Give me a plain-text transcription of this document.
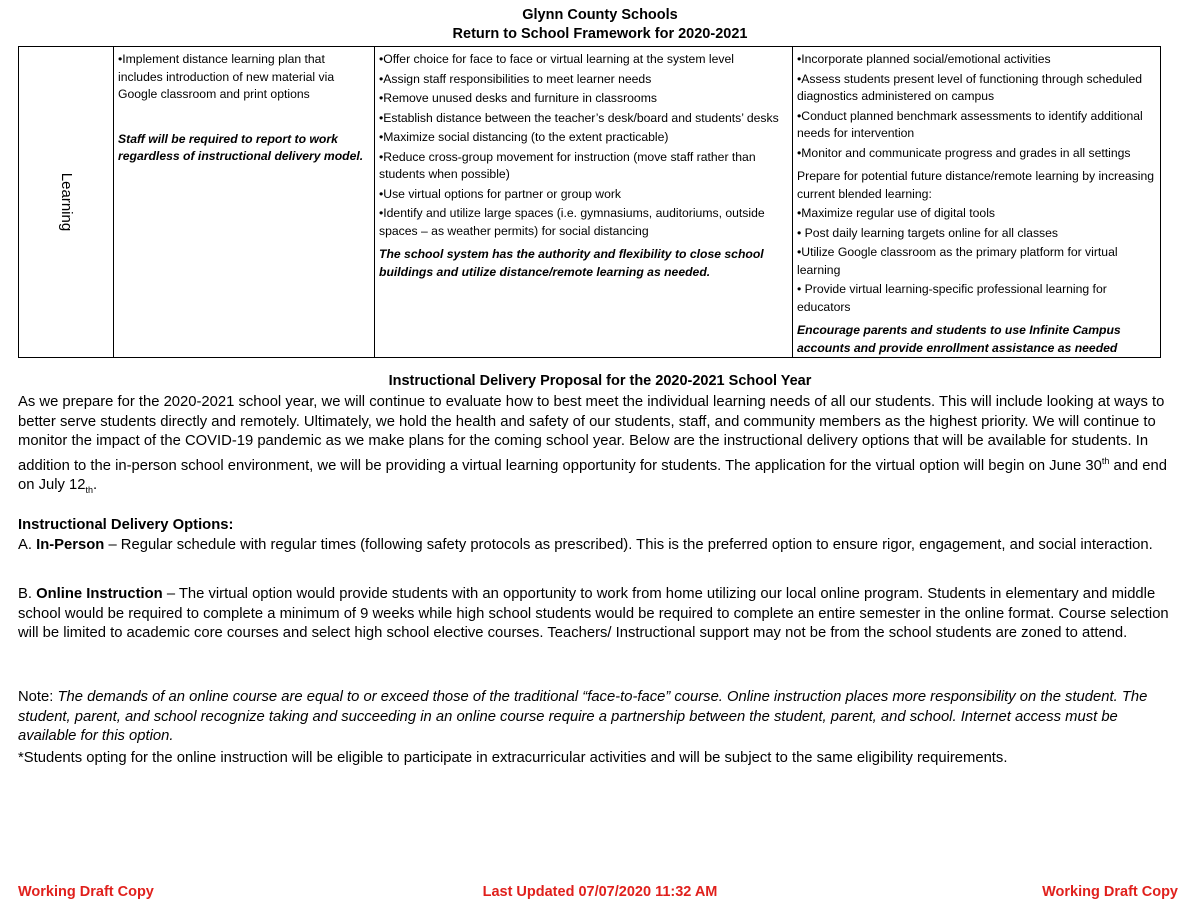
Glynn County Schools
Return to School Framework for 2020-2021
Learning

•Implement distance learning plan that includes introduction of new material via Google classroom and print options
Staff will be required to report to work regardless of instructional delivery model.

•Offer choice for face to face or virtual learning at the system level
•Assign staff responsibilities to meet learner needs
•Remove unused desks and furniture in classrooms
•Establish distance between the teacher’s desk/board and students’ desks
•Maximize social distancing (to the extent practicable)
•Reduce cross-group movement for instruction (move staff rather than students when possible)
•Use virtual options for partner or group work
•Identify and utilize large spaces (i.e. gymnasiums, auditoriums, outside spaces – as weather permits) for social distancing
The school system has the authority and flexibility to close school buildings and utilize distance/remote learning as needed.

•Incorporate planned social/emotional activities
•Assess students present level of functioning through scheduled diagnostics administered on campus
•Conduct planned benchmark assessments to identify additional needs for intervention
•Monitor and communicate progress and grades in all settings
Prepare for potential future distance/remote learning by increasing current blended learning:
•Maximize regular use of digital tools
• Post daily learning targets online for all classes
•Utilize Google classroom as the primary platform for virtual learning
• Provide virtual learning-specific professional learning for educators
Encourage parents and students to use Infinite Campus accounts and provide enrollment assistance as needed
Instructional Delivery Proposal for the 2020-2021 School Year
As we prepare for the 2020-2021 school year, we will continue to evaluate how to best meet the individual learning needs of all our students. This will include looking at ways to better serve students directly and remotely. Ultimately, we hold the health and safety of our students, staff, and community members as the highest priority. We will continue to monitor the impact of the COVID-19 pandemic as we make plans for the coming school year. Below are the instructional delivery options that will be available for students. In addition to the in-person school environment, we will be providing a virtual learning opportunity for students. The application for the virtual option will begin on June 30th and end on July $12_{th}$.
Instructional Delivery Options:
A. In-Person – Regular schedule with regular times (following safety protocols as prescribed). This is the preferred option to ensure rigor, engagement, and social interaction.
B. Online Instruction – The virtual option would provide students with an opportunity to work from home utilizing our local online program. Students in elementary and middle school would be required to complete a minimum of 9 weeks while high school students would be required to complete an entire semester in the online format. Course selection will be limited to academic core courses and select high school elective courses. Teachers/ Instructional support may not be from the school students are zoned to attend.
Note: The demands of an online course are equal to or exceed those of the traditional “face-to-face” course. Online instruction places more responsibility on the student. The student, parent, and school recognize taking and succeeding in an online course require a partnership between the student, parent, and school. Internet access must be available for this option.
*Students opting for the online instruction will be eligible to participate in extracurricular activities and will be subject to the same eligibility requirements.
Last Updated 07/07/2020 11:32 AM
Working Draft Copy	Working Draft Copy
